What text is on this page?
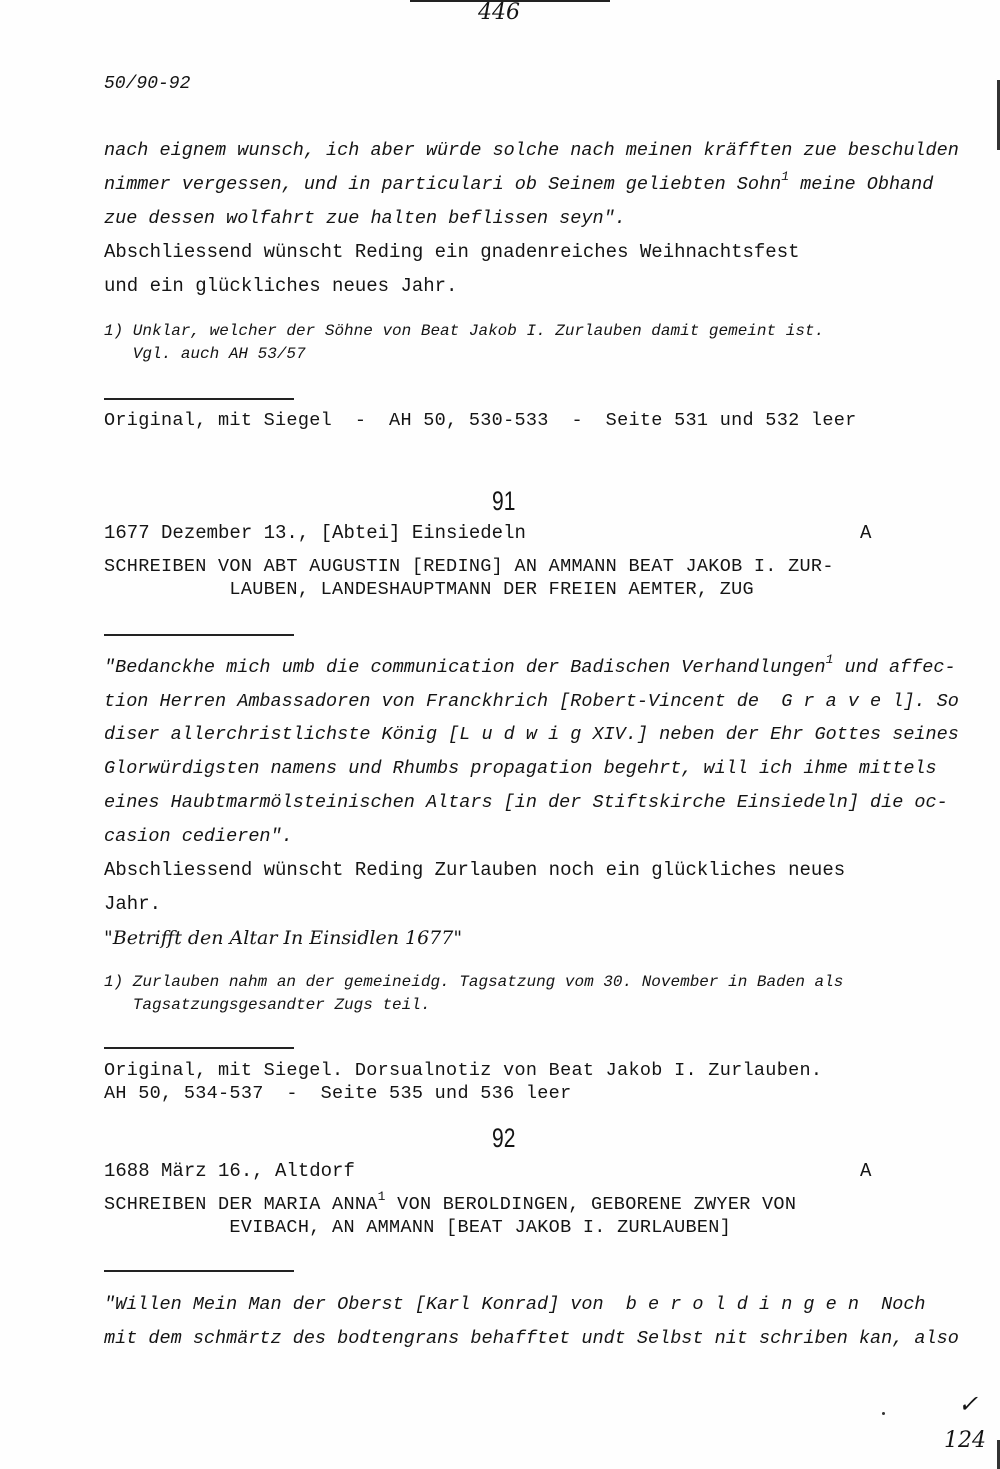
446
50/90-92
nach eignem wunsch, ich aber würde solche nach meinen kräfften zue beschulden
nimmer vergessen, und in particulari ob Seinem geliebten Sohn$^1$ meine Obhand
zue dessen wolfahrt zue halten beflissen seyn".
Abschliessend wünscht Reding ein gnadenreiches Weihnachtsfest
und ein glückliches neues Jahr.
1) Unklar, welcher der Söhne von Beat Jakob I. Zurlauben damit gemeint ist.
Vgl. auch AH 53/57
Original, mit Siegel  -  AH 50, 530-533  -  Seite 531 und 532 leer
91
1677 Dezember 13., [Abtei] Einsiedeln	A
SCHREIBEN VON ABT AUGUSTIN [REDING] AN AMMANN BEAT JAKOB I. ZUR-
LAUBEN, LANDESHAUPTMANN DER FREIEN AEMTER, ZUG
"Bedanckhe mich umb die communication der Badischen Verhandlungen$^1$ und affec-
tion Herren Ambassadoren von Franckhrich [Robert-Vincent de  G r a v e l]. So
diser allerchristlichste König [L u d w i g XIV.] neben der Ehr Gottes seines
Glorwürdigsten namens und Rhumbs propagation begehrt, will ich ihme mittels
eines Haubtmarmölsteinischen Altars [in der Stiftskirche Einsiedeln] die oc-
casion cedieren".
Abschliessend wünscht Reding Zurlauben noch ein glückliches neues
Jahr.
"Betrifft den Altar In Einsidlen 1677"
1) Zurlauben nahm an der gemeineidg. Tagsatzung vom 30. November in Baden als
Tagsatzungsgesandter Zugs teil.
Original, mit Siegel. Dorsualnotiz von Beat Jakob I. Zurlauben.
AH 50, 534-537  -  Seite 535 und 536 leer
92
1688 März 16., Altdorf	A
SCHREIBEN DER MARIA ANNA$^1$ VON BEROLDINGEN, GEBORENE ZWYER VON
EVIBACH, AN AMMANN [BEAT JAKOB I. ZURLAUBEN]
"Willen Mein Man der Oberst [Karl Konrad] von  b e r o l d i n g e n  Noch
mit dem schmärtz des bodtengrans behafftet undt Selbst nit schriben kan, also
✓
124
